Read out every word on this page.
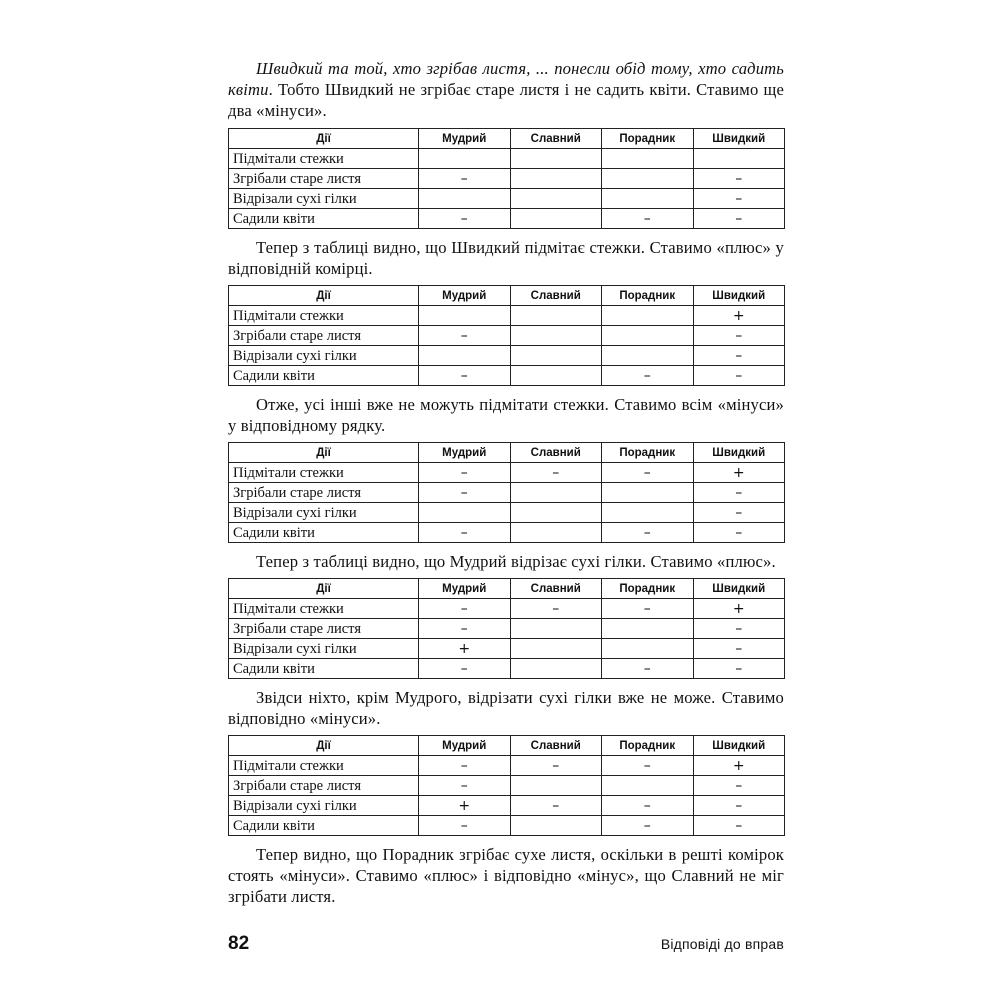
Швидкий та той, хто згрібав листя, ... понесли обід тому, хто садить квіти. Тобто Швидкий не згрібає старе листя і не садить квіти. Ставимо ще два «мінуси».

Дії	Мудрий	Славний	Порадник	Швидкий
Підмітали стежки				
Згрібали старе листя	–			–
Відрізали сухі гілки				–
Садили квіти	–		–	–

Тепер з таблиці видно, що Швидкий підмітає стежки. Ставимо «плюс» у відповідній комірці.

Дії	Мудрий	Славний	Порадник	Швидкий
Підмітали стежки				+
Згрібали старе листя	–			–
Відрізали сухі гілки				–
Садили квіти	–		–	–

Отже, усі інші вже не можуть підмітати стежки. Ставимо всім «мінуси» у відповідному рядку.

Дії	Мудрий	Славний	Порадник	Швидкий
Підмітали стежки	–	–	–	+
Згрібали старе листя	–			–
Відрізали сухі гілки				–
Садили квіти	–		–	–

Тепер з таблиці видно, що Мудрий відрізає сухі гілки. Ставимо «плюс».

Дії	Мудрий	Славний	Порадник	Швидкий
Підмітали стежки	–	–	–	+
Згрібали старе листя	–			–
Відрізали сухі гілки	+			–
Садили квіти	–		–	–

Звідси ніхто, крім Мудрого, відрізати сухі гілки вже не може. Ставимо відповідно «мінуси».

Дії	Мудрий	Славний	Порадник	Швидкий
Підмітали стежки	–	–	–	+
Згрібали старе листя	–			–
Відрізали сухі гілки	+	–	–	–
Садили квіти	–		–	–

Тепер видно, що Порадник згрібає сухе листя, оскільки в решті комірок стоять «мінуси». Ставимо «плюс» і відповідно «мінус», що Славний не міг згрібати листя.

82	Відповіді до вправ
